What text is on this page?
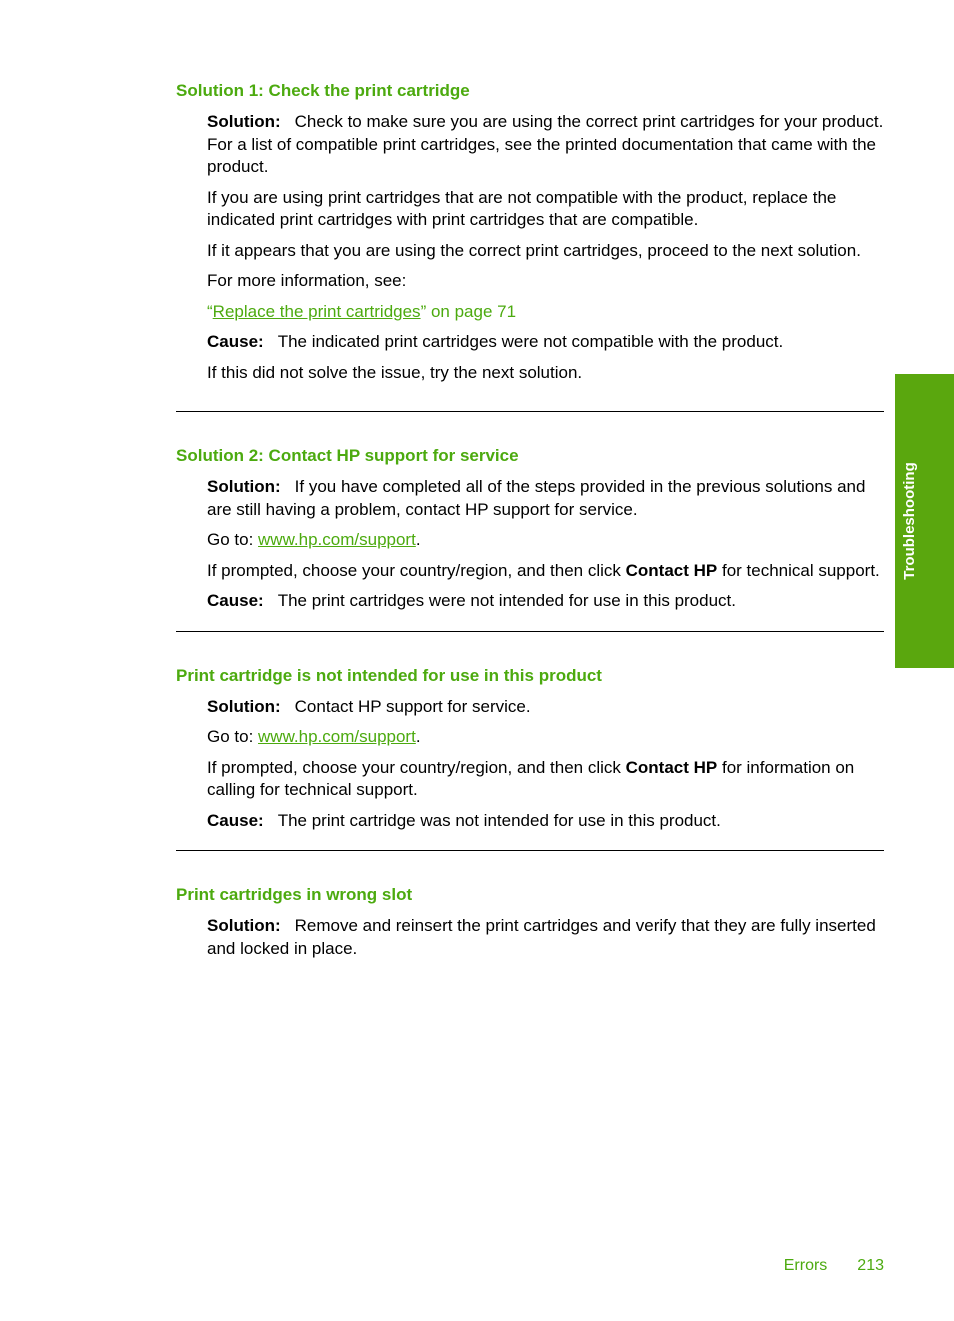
Troubleshooting
Solution 1: Check the print cartridge

Solution: Check to make sure you are using the correct print cartridges for your product. For a list of compatible print cartridges, see the printed documentation that came with the product.

If you are using print cartridges that are not compatible with the product, replace the indicated print cartridges with print cartridges that are compatible.

If it appears that you are using the correct print cartridges, proceed to the next solution.

For more information, see:

“Replace the print cartridges” on page 71

Cause: The indicated print cartridges were not compatible with the product.

If this did not solve the issue, try the next solution.

Solution 2: Contact HP support for service

Solution: If you have completed all of the steps provided in the previous solutions and are still having a problem, contact HP support for service.

Go to: www.hp.com/support.

If prompted, choose your country/region, and then click Contact HP for technical support.

Cause: The print cartridges were not intended for use in this product.

Print cartridge is not intended for use in this product

Solution: Contact HP support for service.

Go to: www.hp.com/support.

If prompted, choose your country/region, and then click Contact HP for information on calling for technical support.

Cause: The print cartridge was not intended for use in this product.

Print cartridges in wrong slot

Solution: Remove and reinsert the print cartridges and verify that they are fully inserted and locked in place.

Errors 213
